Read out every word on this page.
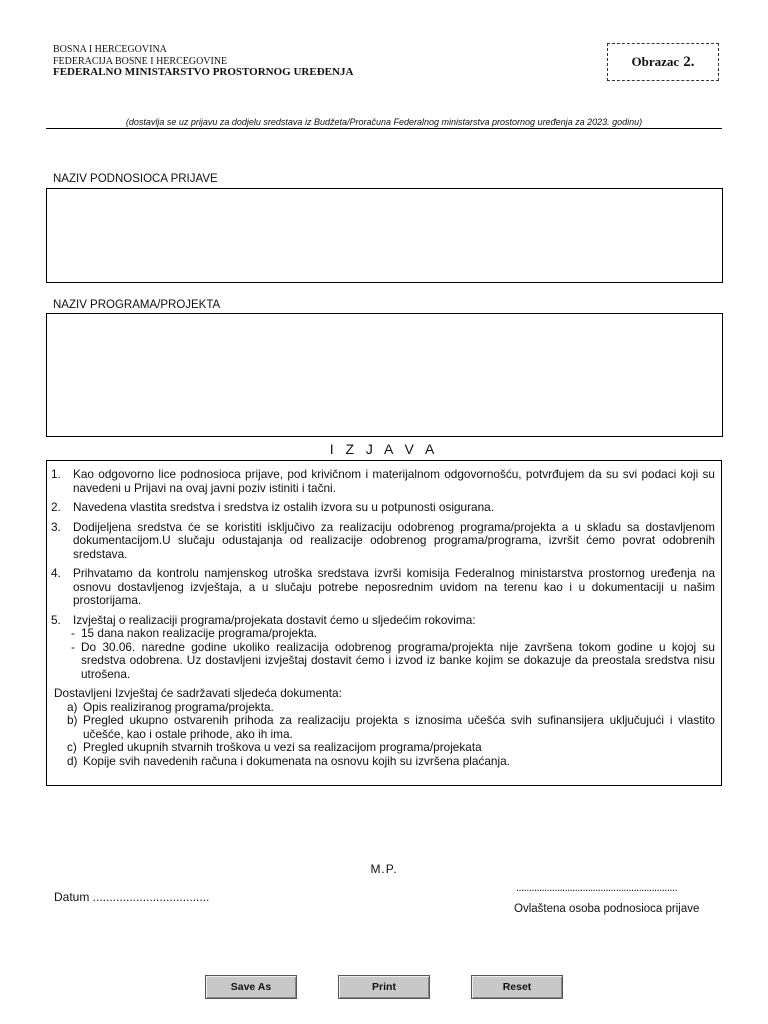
BOSNA I HERCEGOVINA
FEDERACIJA BOSNE I HERCEGOVINE
FEDERALNO MINISTARSTVO PROSTORNOG UREĐENJA
Obrazac 2.
(dostavlja se uz prijavu za dodjelu sredstava iz Budžeta/Proračuna Federalnog ministarstva prostornog uređenja za 2023. godinu)
NAZIV PODNOSIOCA PRIJAVE
NAZIV PROGRAMA/PROJEKTA
I Z J A V A
1.	Kao odgovorno lice podnosioca prijave, pod krivičnom i materijalnom odgovornošću, potvrđujem da su svi podaci koji su navedeni u Prijavi na ovaj javni poziv istiniti i tačni.
2.	Navedena vlastita sredstva i sredstva iz ostalih izvora su u potpunosti osigurana.
3.	Dodijeljena sredstva će se koristiti isključivo za realizaciju odobrenog programa/projekta a u skladu sa dostavljenom dokumentacijom.U slučaju odustajanja od realizacije odobrenog programa/programa, izvršit ćemo povrat odobrenih sredstava.
4.	Prihvatamo da kontrolu namjenskog utroška sredstava izvrši komisija Federalnog ministarstva prostornog uređenja na osnovu dostavljenog izvještaja, a u slučaju potrebe neposrednim uvidom na terenu kao i u dokumentaciji u našim prostorijama.
5.	Izvještaj o realizaciji programa/projekata dostavit ćemo u sljedećim rokovima:
- 15 dana nakon realizacije programa/projekta.
- Do 30.06. naredne godine ukoliko realizacija odobrenog programa/projekta nije završena tokom godine u kojoj su sredstva odobrena. Uz dostavljeni izvještaj dostavit ćemo i izvod iz banke kojim se dokazuje da preostala sredstva nisu utrošena.
Dostavljeni Izvještaj će sadržavati sljedeća dokumenta:
a) Opis realiziranog programa/projekta.
b) Pregled ukupno ostvarenih prihoda za realizaciju projekta s iznosima učešća svih sufinansijera uključujući i vlastito učešće, kao i ostale prihode, ako ih ima.
c) Pregled ukupnih stvarnih troškova u vezi sa realizacijom programa/projekata
d) Kopije svih navedenih računa i dokumenata na osnovu kojih su izvršena plaćanja.
M.P.
Datum ...................................
...............................................................
Ovlaštena osoba podnosioca prijave
Save As	Print	Reset
